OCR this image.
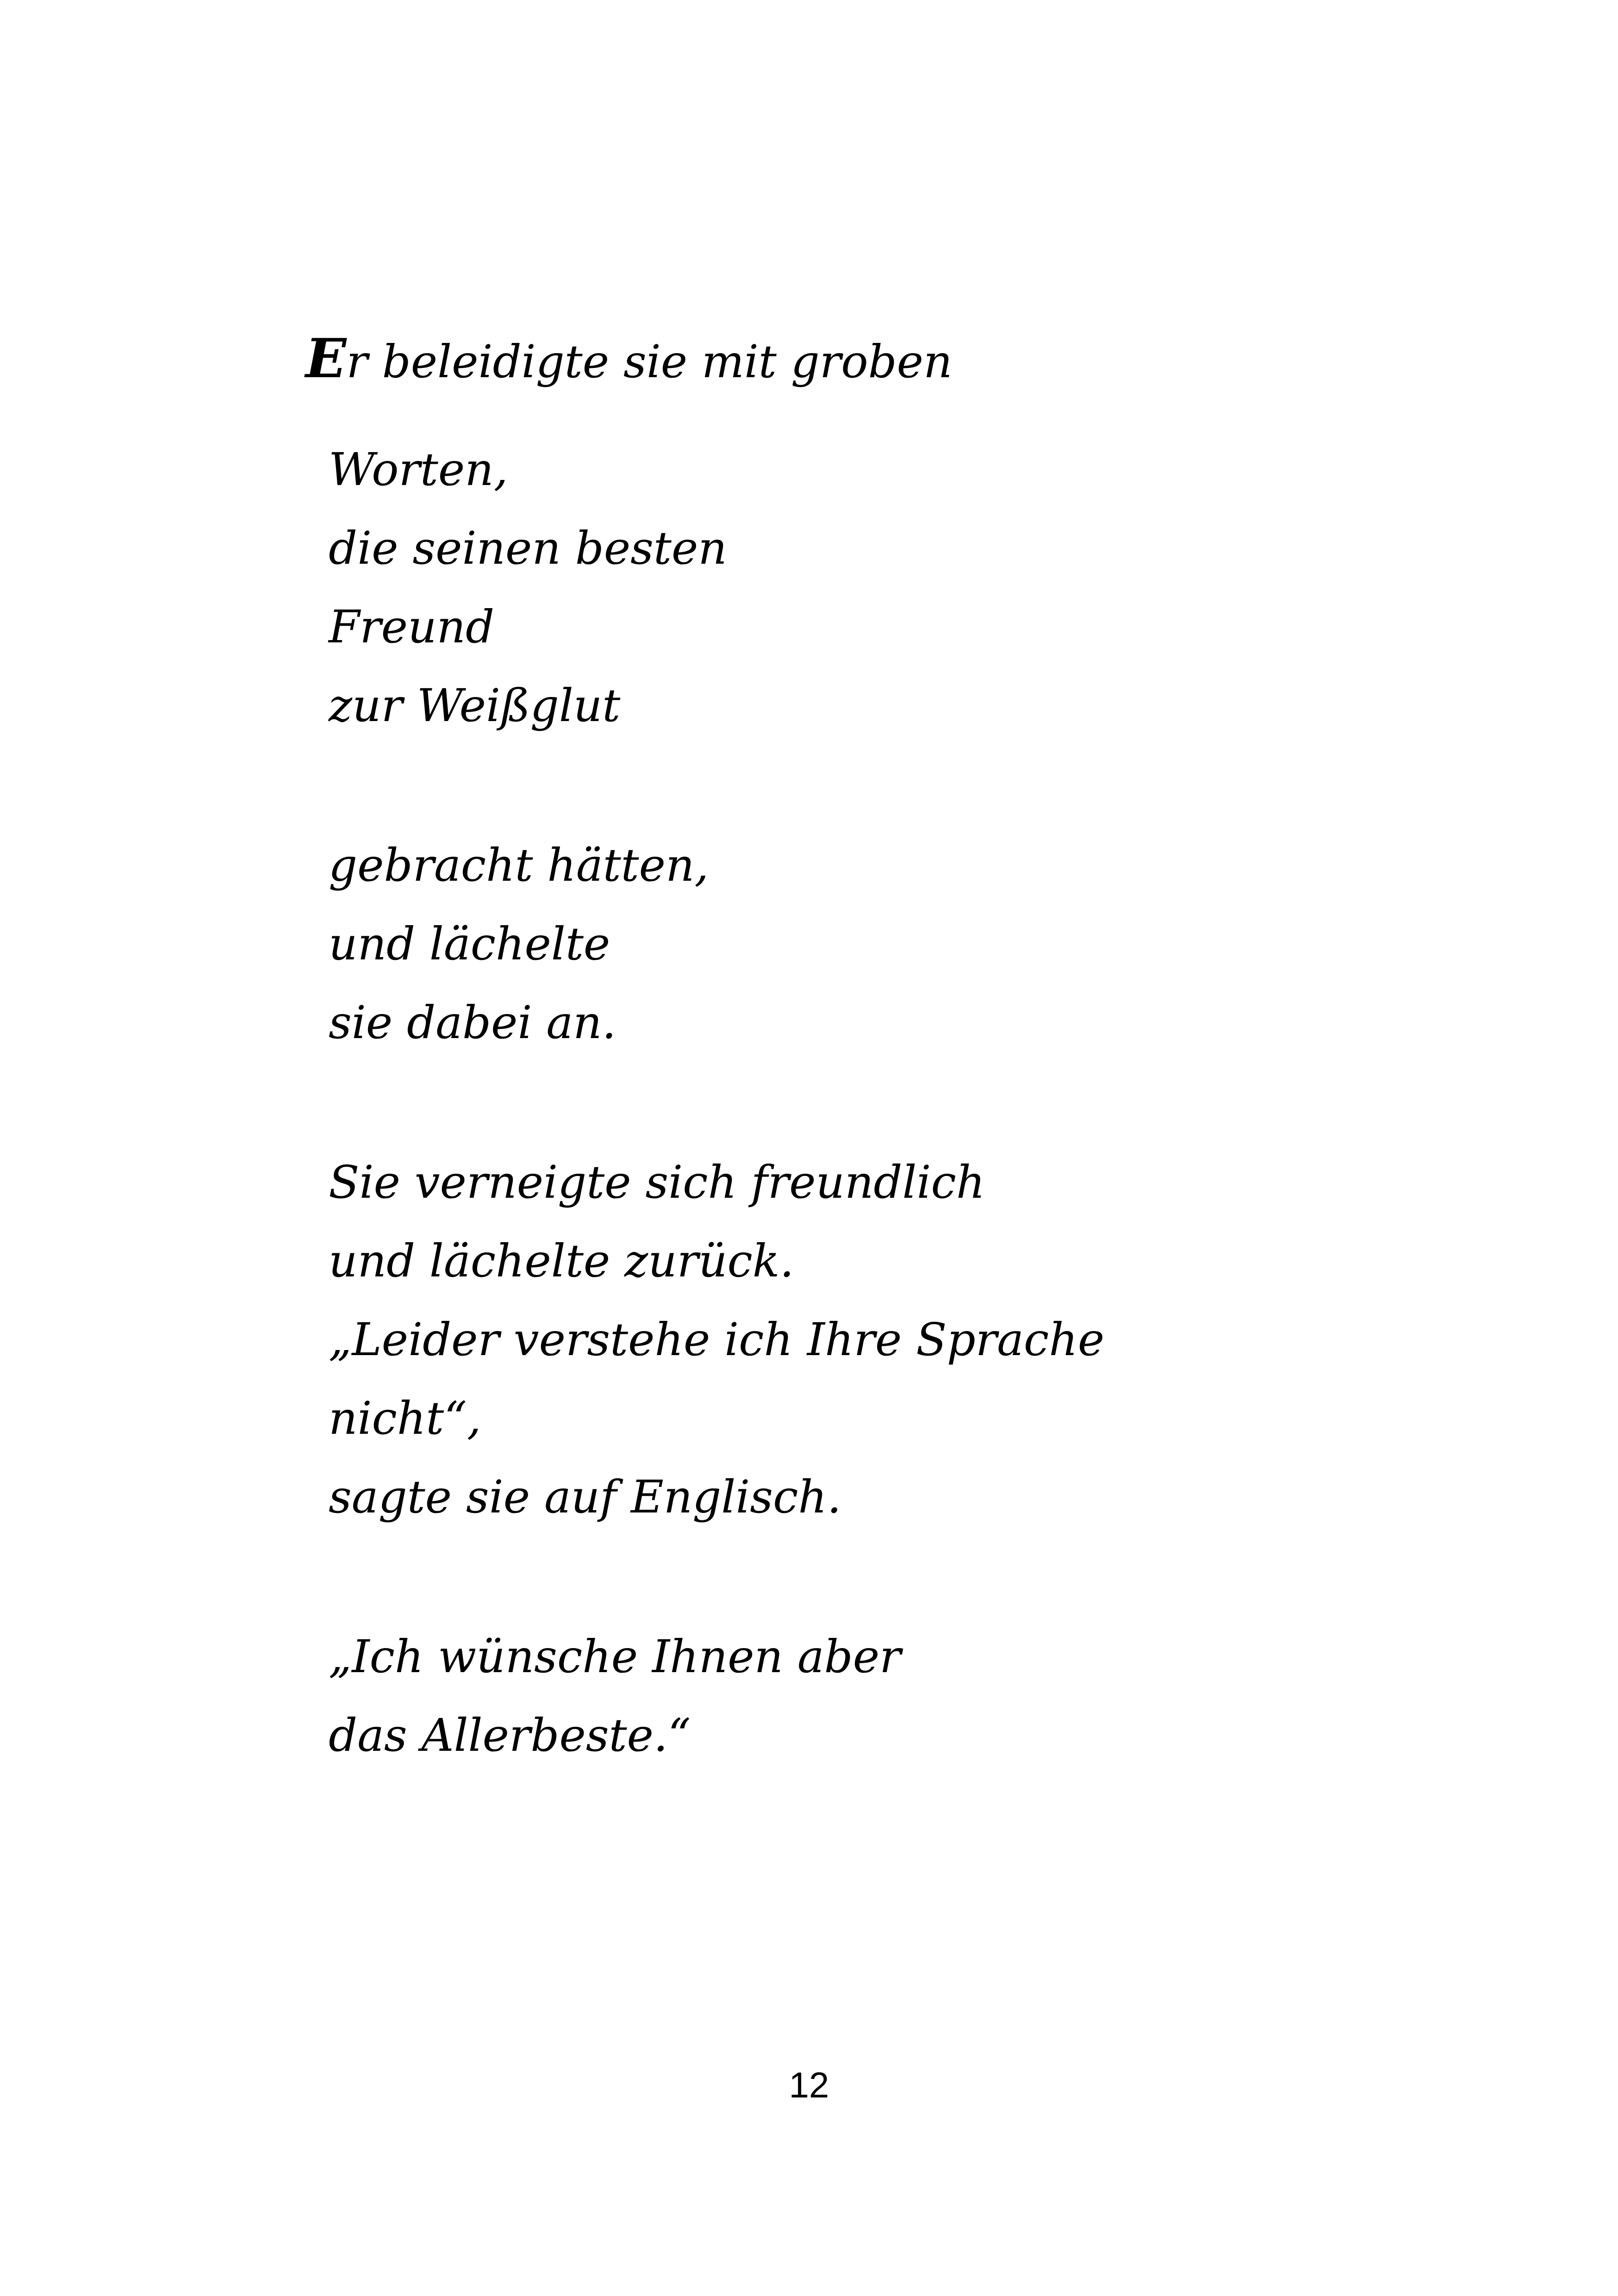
Er beleidigte sie mit groben
Worten,
die seinen besten
Freund
zur Weißglut
gebracht hätten,
und lächelte
sie dabei an.
Sie verneigte sich freundlich
und lächelte zurück.
„Leider verstehe ich Ihre Sprache
nicht“,
sagte sie auf Englisch.
„Ich wünsche Ihnen aber
das Allerbeste.“
12
